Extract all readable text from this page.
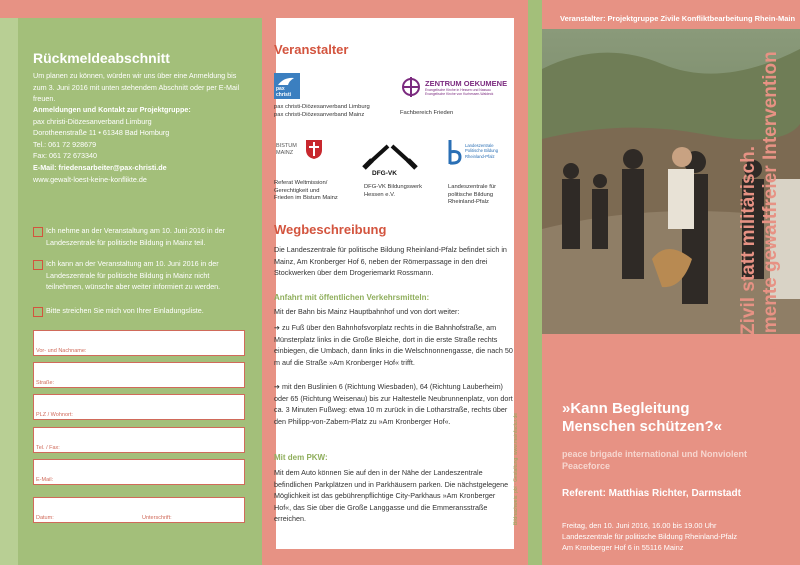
Rückmeldeabschnitt
Um planen zu können, würden wir uns über eine Anmeldung bis zum 3. Juni 2016 mit unten stehendem Abschnitt oder per E-Mail freuen.
Anmeldungen und Kontakt zur Projektgruppe:
pax christi-Diözesanverband Limburg
Dorotheenstraße 11 • 61348 Bad Homburg
Tel.: 061 72 928679
Fax: 061 72 673340
E-Mail: friedensarbeiter@pax-christi.de
www.gewalt-loest-keine-konflikte.de
Ich nehme an der Veranstaltung am 10. Juni 2016 in der Landeszentrale für politische Bildung in Mainz teil.
Ich kann an der Veranstaltung am 10. Juni 2016 in der Landeszentrale für politische Bildung in Mainz nicht teilnehmen, wünsche aber weiter informiert zu werden.
Bitte streichen Sie mich von Ihrer Einladungsliste.
Vor- und Nachname:
Straße:
PLZ / Wohnort:
Tel. / Fax:
E-Mail:
Datum:	Unterschrift:
Veranstalter
pax christi
pax christi-Diözesanverband Limburg
pax christi-Diözesanverband Mainz
ZENTRUM OEKUMENE
Evangelische Kirche in Hessen und Nassau
Evangelische Kirche von Kurhessen-Waldeck
Fachbereich Frieden
BISTUM
MAINZ
Referat Weltmission/
Gerechtigkeit und
Frieden im Bistum Mainz
DFG-VK
DFG-VK Bildungswerk
Hessen e.V.
Landeszentrale
Politische Bildung
Rheinland-Pfalz
Landeszentrale für
politische Bildung
Rheinland-Pfalz
Wegbeschreibung
Die Landeszentrale für politische Bildung Rheinland-Pfalz befindet sich in Mainz, Am Kronberger Hof 6, neben der Römerpassage in den drei Stockwerken über dem Drogeriemarkt Rossmann.
Anfahrt mit öffentlichen Verkehrsmitteln:
Mit der Bahn bis Mainz Hauptbahnhof und von dort weiter:
➔ zu Fuß über den Bahnhofsvorplatz rechts in die Bahnhofstraße, am Münsterplatz links in die Große Bleiche, dort in die erste Straße rechts einbiegen, die Umbach, dann links in die Welschnonnengasse, die nach 50 m auf die Straße »Am Kronberger Hof« trifft.
➔ mit den Buslinien 6 (Richtung Wiesbaden), 64 (Richtung Lauberheim) oder 65 (Richtung Weisenau) bis zur Haltestelle Neubrunnenplatz, von dort ca. 3 Minuten Fußweg: etwa 10 m zurück in die Lotharstraße, rechts über den Philipp-von-Zabern-Platz zu »Am Kronberger Hof«.
Mit dem PKW:
Mit dem Auto können Sie auf den in der Nähe der Landeszentrale befindlichen Parkplätzen und in Parkhäusern parken. Die nächstgelegene Möglichkeit ist das gebührenpflichtige City-Parkhaus »Am Kronberger Hof«, das Sie über die Große Langgasse und die Emmeransstraße erreichen.	Bildnachweis: pbi · Gestaltung: www.mainfactur.de
Veranstalter: Projektgruppe Zivile Konfliktbearbeitung Rhein-Main
Zivil statt militärisch. Instrumente gewaltfreier Intervention
»Kann Begleitung Menschen schützen?«
peace brigade international und Nonviolent Peaceforce
Referent: Matthias Richter, Darmstadt
Freitag, den 10. Juni 2016, 16.00 bis 19.00 Uhr
Landeszentrale für politische Bildung Rheinland-Pfalz
Am Kronberger Hof 6 in 55116 Mainz
